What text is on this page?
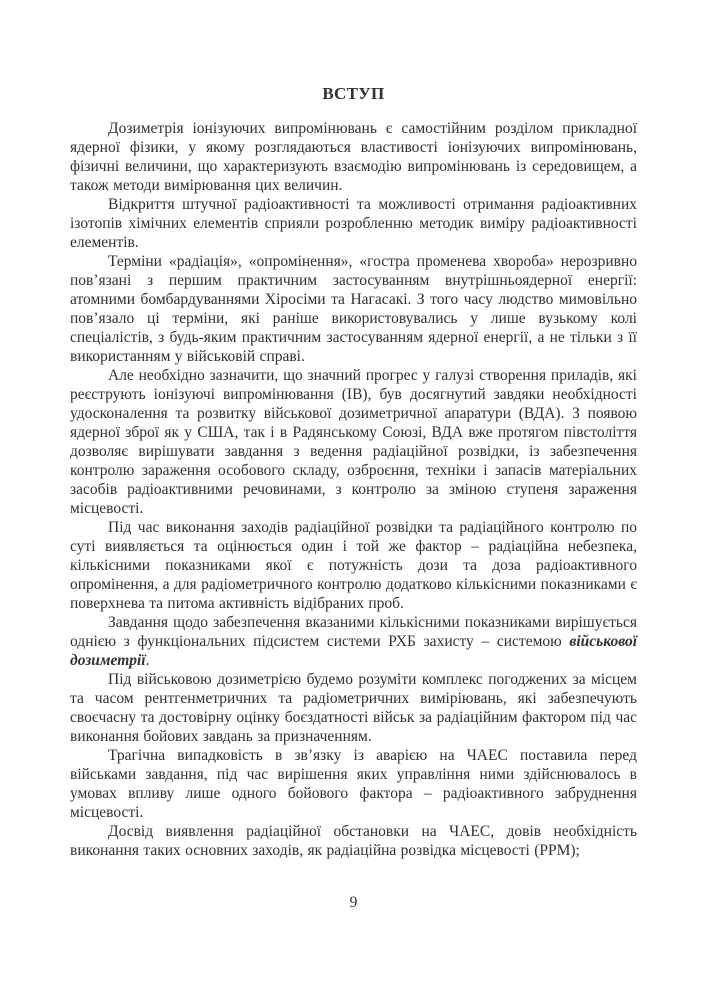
ВСТУП

Дозиметрія іонізуючих випромінювань є самостійним розділом прикладної ядерної фізики, у якому розглядаються властивості іонізуючих випромінювань, фізичні величини, що характеризують взаємодію випромінювань із середовищем, а також методи вимірювання цих величин.

Відкриття штучної радіоактивності та можливості отримання радіоактивних ізотопів хімічних елементів сприяли розробленню методик виміру радіоактивності елементів.

Терміни «радіація», «опромінення», «гостра променева хвороба» нерозривно пов’язані з першим практичним застосуванням внутрішньоядерної енергії: атомними бомбардуваннями Хіросіми та Нагасакі. З того часу людство мимовільно пов’язало ці терміни, які раніше використовувались у лише вузькому колі спеціалістів, з будь-яким практичним застосуванням ядерної енергії, а не тільки з її використанням у військовій справі.

Але необхідно зазначити, що значний прогрес у галузі створення приладів, які реєструють іонізуючі випромінювання (ІВ), був досягнутий завдяки необхідності удосконалення та розвитку військової дозиметричної апаратури (ВДА). З появою ядерної зброї як у США, так і в Радянському Союзі, ВДА вже протягом півстоліття дозволяє вирішувати завдання з ведення радіаційної розвідки, із забезпечення контролю зараження особового складу, озброєння, техніки і запасів матеріальних засобів радіоактивними речовинами, з контролю за зміною ступеня зараження місцевості.

Під час виконання заходів радіаційної розвідки та радіаційного контролю по суті виявляється та оцінюється один і той же фактор – радіаційна небезпека, кількісними показниками якої є потужність дози та доза радіоактивного опромінення, а для радіометричного контролю додатково кількісними показниками є поверхнева та питома активність відібраних проб.

Завдання щодо забезпечення вказаними кількісними показниками вирішується однією з функціональних підсистем системи РХБ захисту – системою військової дозиметрії.

Під військовою дозиметрією будемо розуміти комплекс погоджених за місцем та часом рентгенметричних та радіометричних виміріювань, які забезпечують своєчасну та достовірну оцінку боєздатності військ за радіаційним фактором під час виконання бойових завдань за призначенням.

Трагічна випадковість в зв’язку із аварією на ЧАЕС поставила перед військами завдання, під час вирішення яких управління ними здійснювалось в умовах впливу лише одного бойового фактора – радіоактивного забруднення місцевості.

Досвід виявлення радіаційної обстановки на ЧАЕС, довів необхідність виконання таких основних заходів, як радіаційна розвідка місцевості (РРМ);

9
